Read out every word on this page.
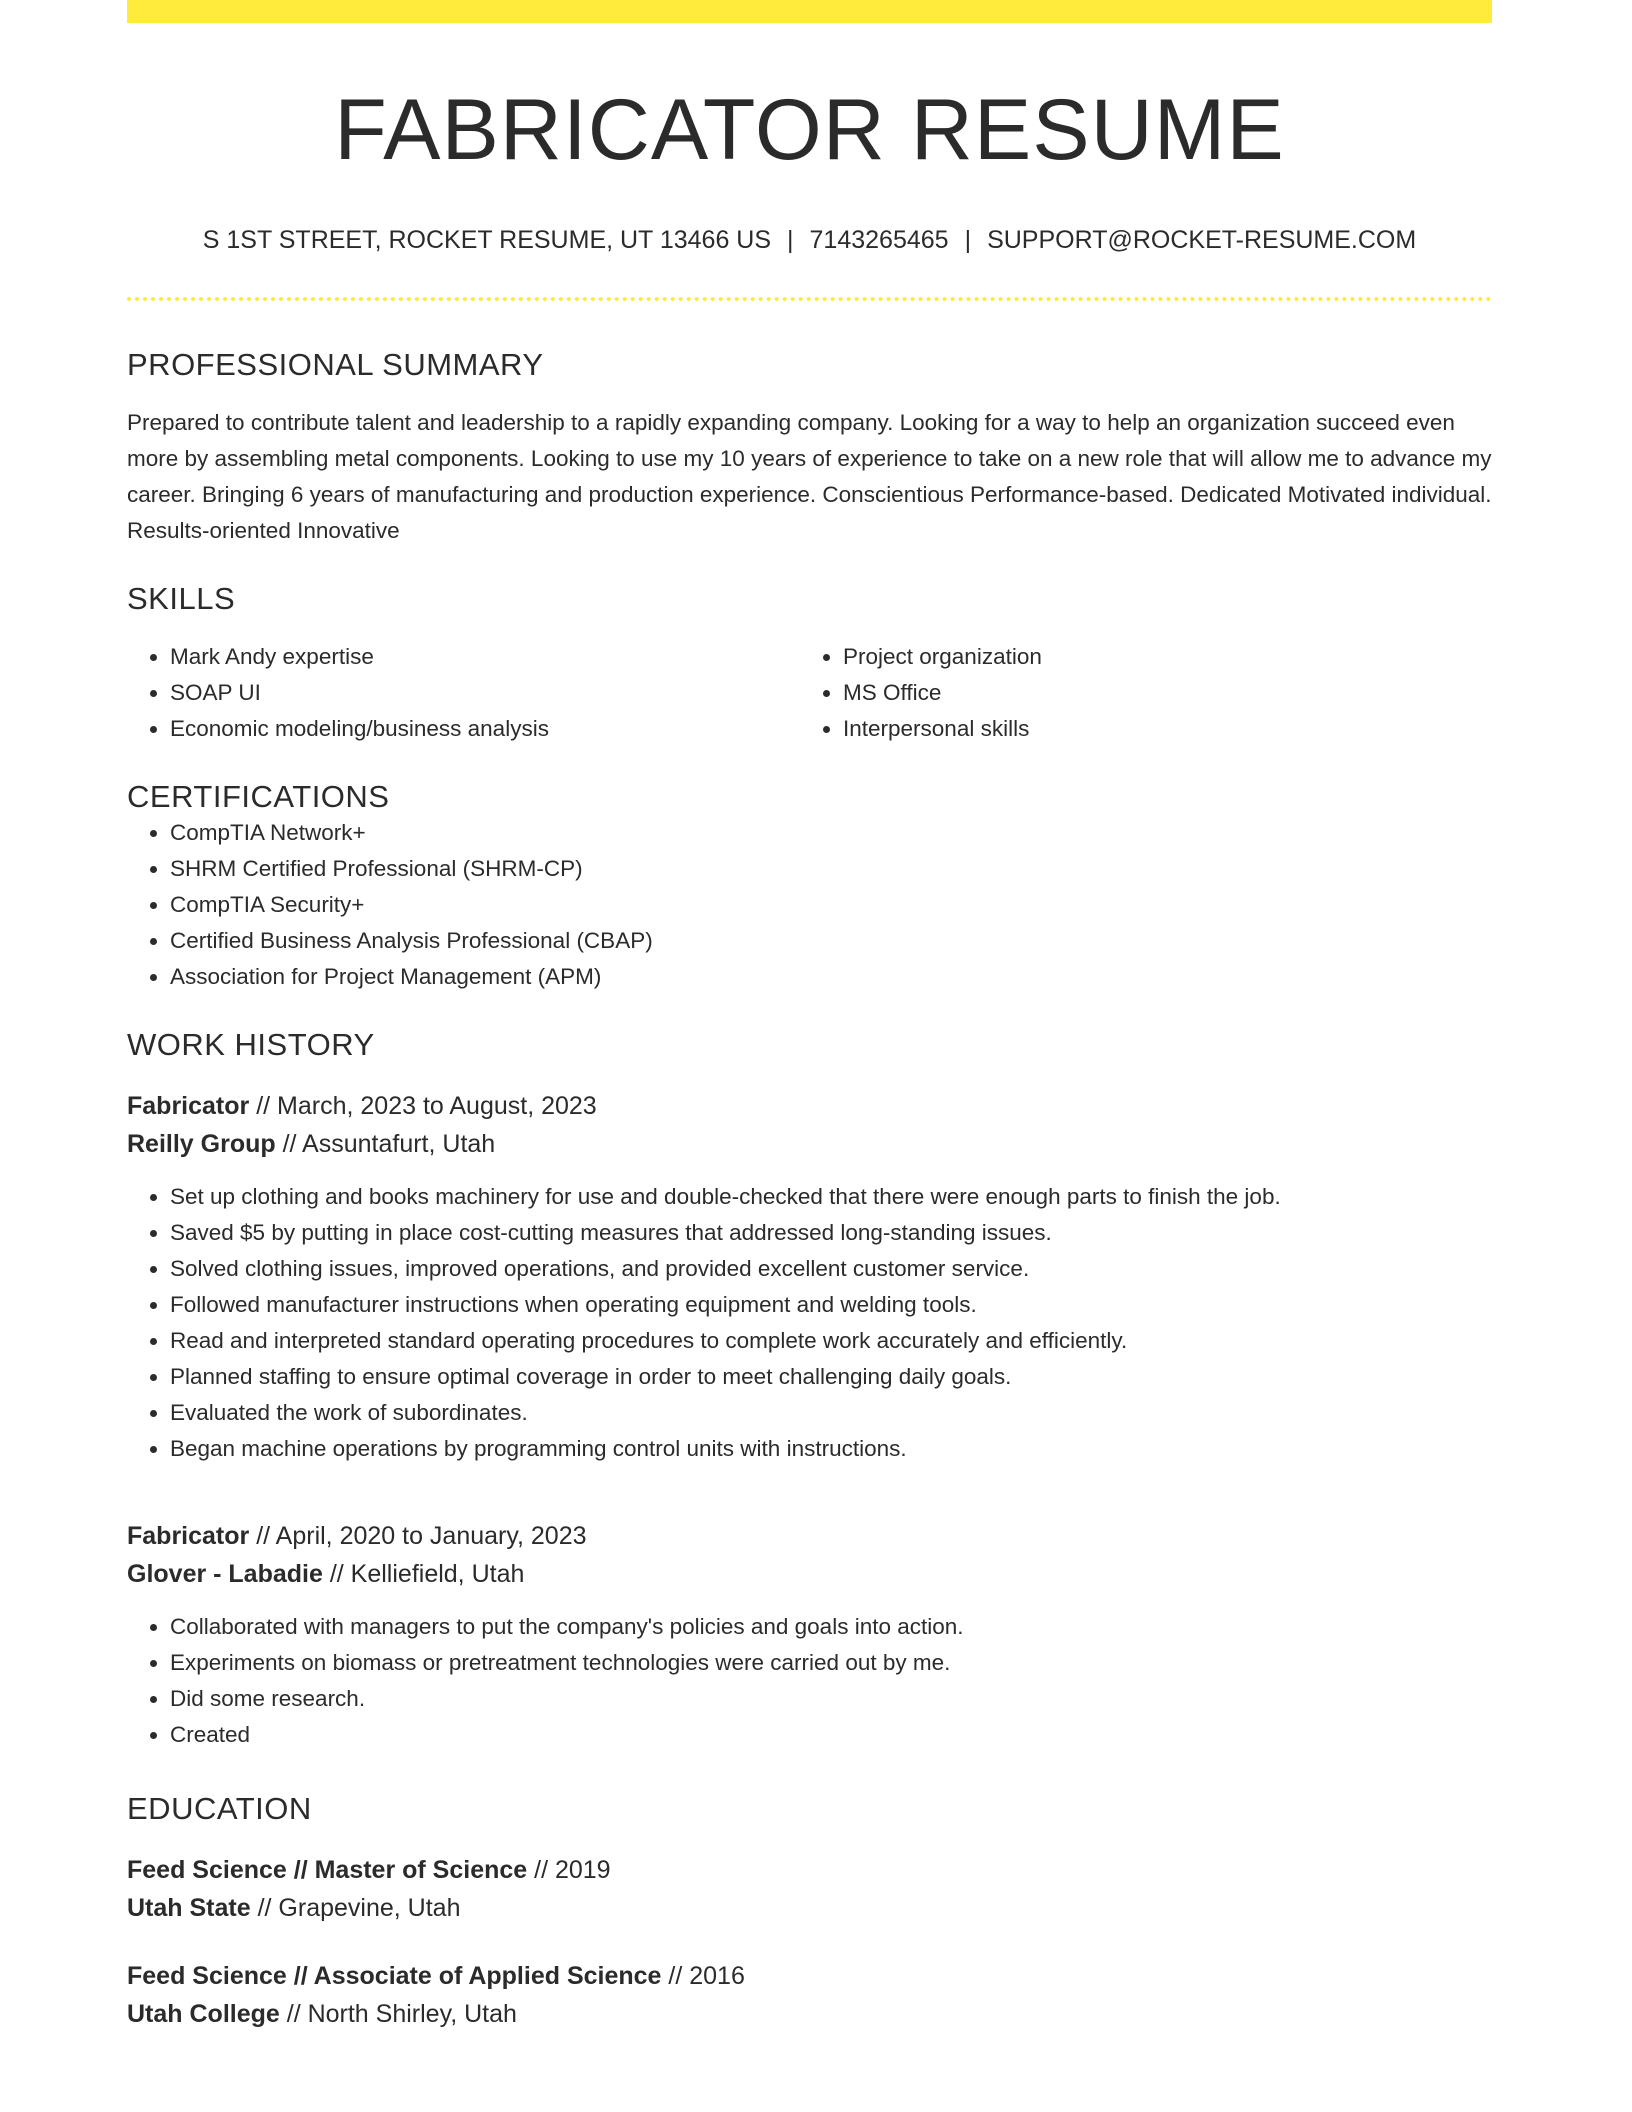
FABRICATOR RESUME
S 1ST STREET, ROCKET RESUME, UT 13466 US | 7143265465 | SUPPORT@ROCKET-RESUME.COM
PROFESSIONAL SUMMARY
Prepared to contribute talent and leadership to a rapidly expanding company. Looking for a way to help an organization succeed even more by assembling metal components. Looking to use my 10 years of experience to take on a new role that will allow me to advance my career. Bringing 6 years of manufacturing and production experience. Conscientious Performance-based. Dedicated Motivated individual. Results-oriented Innovative
SKILLS
• Mark Andy expertise
• SOAP UI
• Economic modeling/business analysis
• Project organization
• MS Office
• Interpersonal skills
CERTIFICATIONS
• CompTIA Network+
• SHRM Certified Professional (SHRM-CP)
• CompTIA Security+
• Certified Business Analysis Professional (CBAP)
• Association for Project Management (APM)
WORK HISTORY
Fabricator // March, 2023 to August, 2023
Reilly Group // Assuntafurt, Utah
• Set up clothing and books machinery for use and double-checked that there were enough parts to finish the job.
• Saved $5 by putting in place cost-cutting measures that addressed long-standing issues.
• Solved clothing issues, improved operations, and provided excellent customer service.
• Followed manufacturer instructions when operating equipment and welding tools.
• Read and interpreted standard operating procedures to complete work accurately and efficiently.
• Planned staffing to ensure optimal coverage in order to meet challenging daily goals.
• Evaluated the work of subordinates.
• Began machine operations by programming control units with instructions.
Fabricator // April, 2020 to January, 2023
Glover - Labadie // Kelliefield, Utah
• Collaborated with managers to put the company's policies and goals into action.
• Experiments on biomass or pretreatment technologies were carried out by me.
• Did some research.
• Created
EDUCATION
Feed Science // Master of Science // 2019
Utah State // Grapevine, Utah
Feed Science // Associate of Applied Science // 2016
Utah College // North Shirley, Utah
